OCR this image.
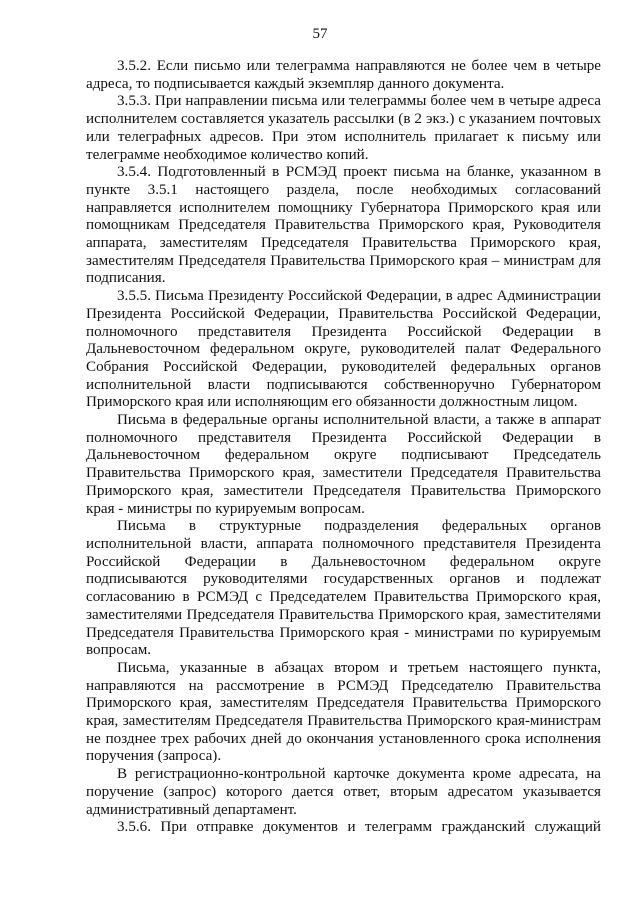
57

3.5.2. Если письмо или телеграмма направляются не более чем в четыре адреса, то подписывается каждый экземпляр данного документа.

3.5.3. При направлении письма или телеграммы более чем в четыре адреса исполнителем составляется указатель рассылки (в 2 экз.) с указанием почтовых или телеграфных адресов. При этом исполнитель прилагает к письму или телеграмме необходимое количество копий.

3.5.4. Подготовленный в РСМЭД проект письма на бланке, указанном в пункте 3.5.1 настоящего раздела, после необходимых согласований направляется исполнителем помощнику Губернатора Приморского края или помощникам Председателя Правительства Приморского края, Руководителя аппарата, заместителям Председателя Правительства Приморского края, заместителям Председателя Правительства Приморского края – министрам для подписания.

3.5.5. Письма Президенту Российской Федерации, в адрес Администрации Президента Российской Федерации, Правительства Российской Федерации, полномочного представителя Президента Российской Федерации в Дальневосточном федеральном округе, руководителей палат Федерального Собрания Российской Федерации, руководителей федеральных органов исполнительной власти подписываются собственноручно Губернатором Приморского края или исполняющим его обязанности должностным лицом.

Письма в федеральные органы исполнительной власти, а также в аппарат полномочного представителя Президента Российской Федерации в Дальневосточном федеральном округе подписывают Председатель Правительства Приморского края, заместители Председателя Правительства Приморского края, заместители Председателя Правительства Приморского края - министры по курируемым вопросам.

Письма в структурные подразделения федеральных органов исполнительной власти, аппарата полномочного представителя Президента Российской Федерации в Дальневосточном федеральном округе подписываются руководителями государственных органов и подлежат согласованию в РСМЭД с Председателем Правительства Приморского края, заместителями Председателя Правительства Приморского края, заместителями Председателя Правительства Приморского края - министрами по курируемым вопросам.

Письма, указанные в абзацах втором и третьем настоящего пункта, направляются на рассмотрение в РСМЭД Председателю Правительства Приморского края, заместителям Председателя Правительства Приморского края, заместителям Председателя Правительства Приморского края-министрам не позднее трех рабочих дней до окончания установленного срока исполнения поручения (запроса).

В регистрационно-контрольной карточке документа кроме адресата, на поручение (запрос) которого дается ответ, вторым адресатом указывается административный департамент.

3.5.6. При отправке документов и телеграмм гражданский служащий
